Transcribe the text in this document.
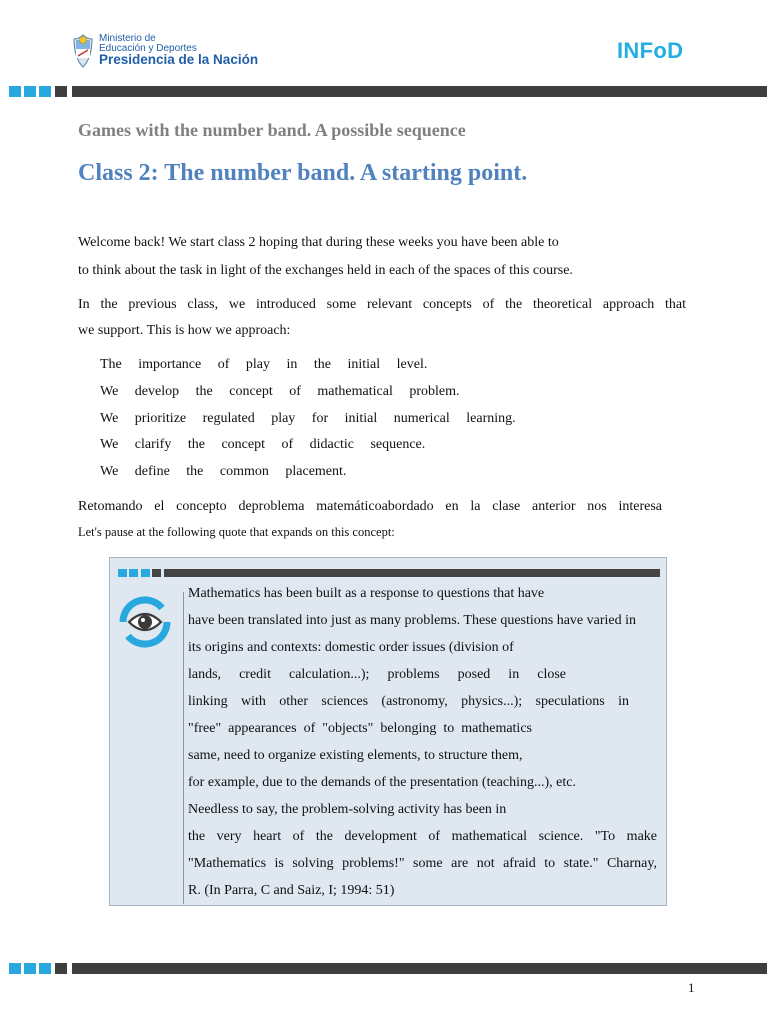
Ministerio de
Educación y Deportes
Presidencia de la Nación	INFoD
Games with the number band. A possible sequence
Class 2: The number band. A starting point.
Welcome back! We start class 2 hoping that during these weeks you have been able to
to think about the task in light of the exchanges held in each of the spaces of this course.
In the previous class, we introduced some relevant concepts of the theoretical approach that
we support. This is how we approach:
The importance of play in the initial level.
We develop the concept of mathematical problem.
We prioritize regulated play for initial numerical learning.
We clarify the concept of didactic sequence.
We define the common placement.
Retomando el concepto deproblema matemáticoabordado en la clase anterior nos interesa
Let's pause at the following quote that expands on this concept:
Mathematics has been built as a response to questions that have
have been translated into just as many problems. These questions have varied in
its origins and contexts: domestic order issues (division of
lands, credit calculation...); problems posed in close
linking with other sciences (astronomy, physics...); speculations in
"free" appearances of "objects" belonging to mathematics
same, need to organize existing elements, to structure them,
for example, due to the demands of the presentation (teaching...), etc.
Needless to say, the problem-solving activity has been in
the very heart of the development of mathematical science. "To make
"Mathematics is solving problems!" some are not afraid to state." Charnay,
R. (In Parra, C and Saiz, I; 1994: 51)
1
